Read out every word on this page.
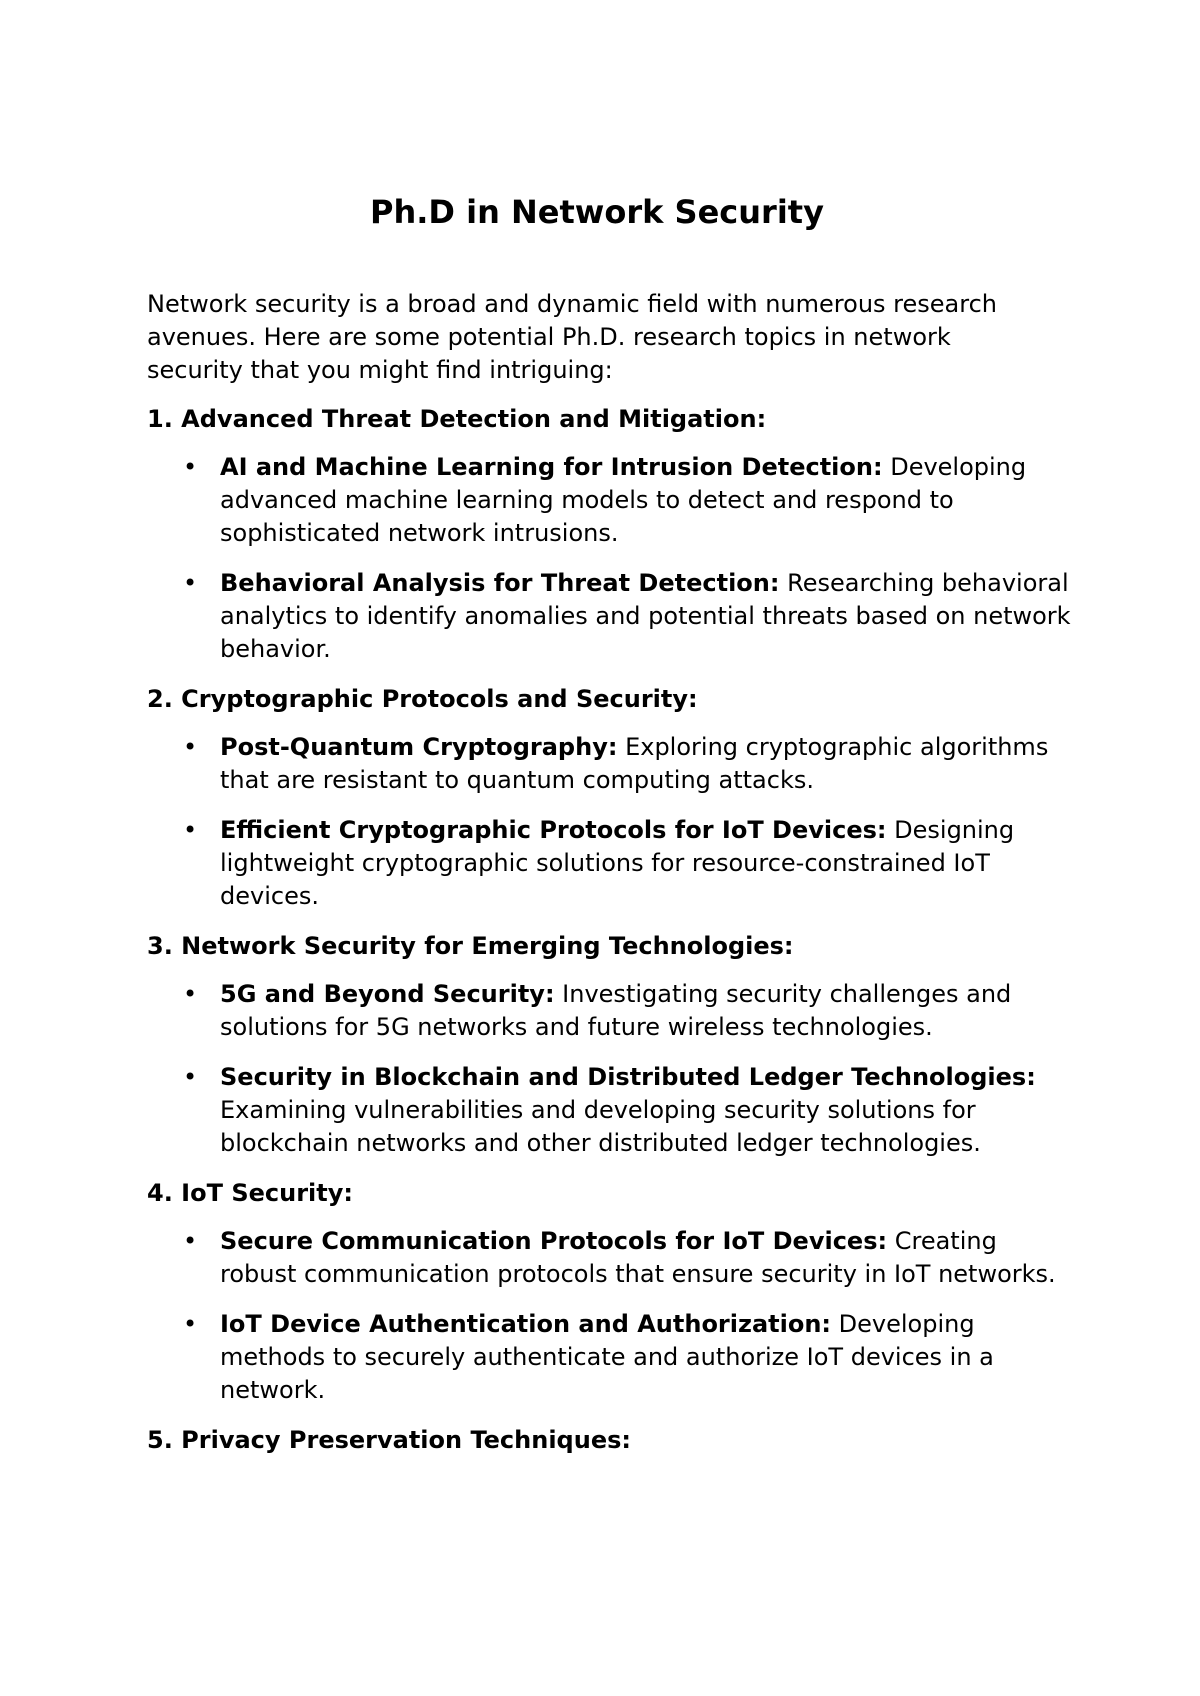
Ph.D in Network Security

Network security is a broad and dynamic field with numerous research avenues. Here are some potential Ph.D. research topics in network security that you might find intriguing:

1. Advanced Threat Detection and Mitigation:
• AI and Machine Learning for Intrusion Detection: Developing advanced machine learning models to detect and respond to sophisticated network intrusions.
• Behavioral Analysis for Threat Detection: Researching behavioral analytics to identify anomalies and potential threats based on network behavior.
2. Cryptographic Protocols and Security:
• Post-Quantum Cryptography: Exploring cryptographic algorithms that are resistant to quantum computing attacks.
• Efficient Cryptographic Protocols for IoT Devices: Designing lightweight cryptographic solutions for resource-constrained IoT devices.
3. Network Security for Emerging Technologies:
• 5G and Beyond Security: Investigating security challenges and solutions for 5G networks and future wireless technologies.
• Security in Blockchain and Distributed Ledger Technologies: Examining vulnerabilities and developing security solutions for blockchain networks and other distributed ledger technologies.
4. IoT Security:
• Secure Communication Protocols for IoT Devices: Creating robust communication protocols that ensure security in IoT networks.
• IoT Device Authentication and Authorization: Developing methods to securely authenticate and authorize IoT devices in a network.
5. Privacy Preservation Techniques:
